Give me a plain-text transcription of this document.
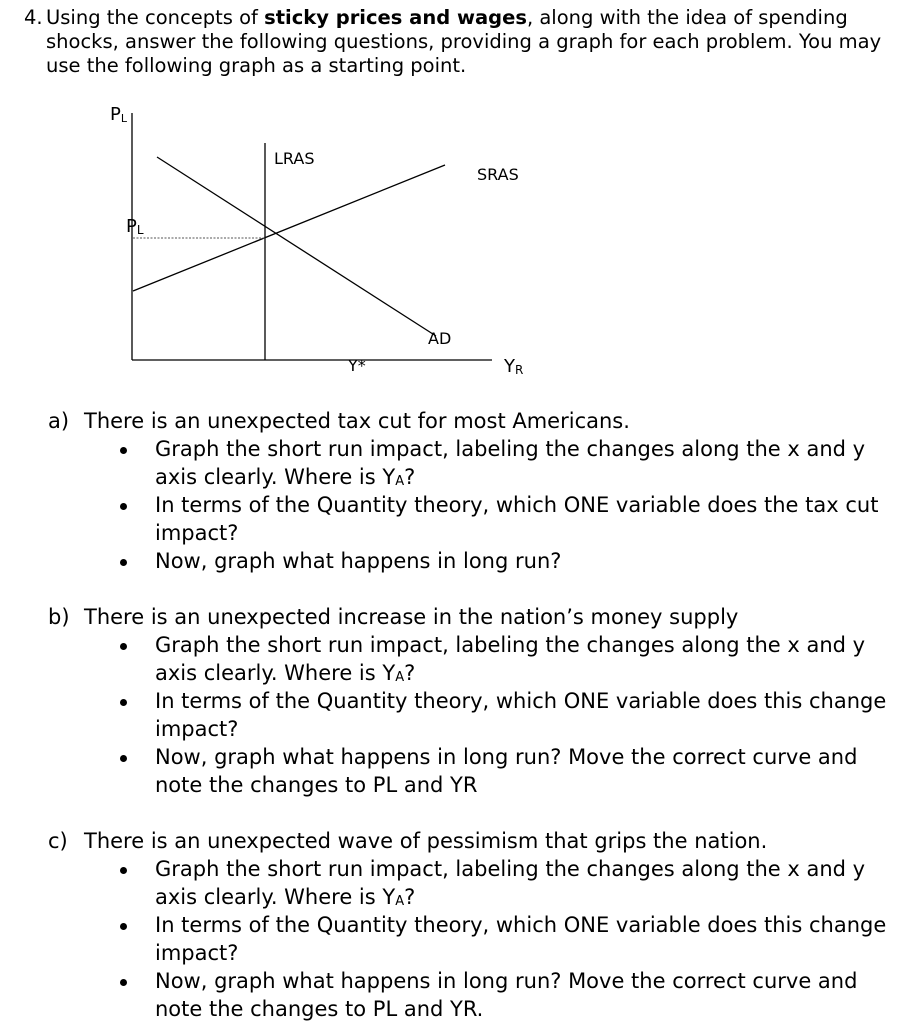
4. Using the concepts of sticky prices and wages, along with the idea of spending shocks, answer the following questions, providing a graph for each problem. You may use the following graph as a starting point.
PL
PL
LRAS
SRAS
AD
Y*	YR
a) There is an unexpected tax cut for most Americans.
Graph the short run impact, labeling the changes along the x and y axis clearly. Where is $Y_A$?
In terms of the Quantity theory, which ONE variable does the tax cut impact?
Now, graph what happens in long run?
b) There is an unexpected increase in the nation’s money supply
Graph the short run impact, labeling the changes along the x and y axis clearly. Where is $Y_A$?
In terms of the Quantity theory, which ONE variable does this change impact?
Now, graph what happens in long run? Move the correct curve and note the changes to PL and YR
c) There is an unexpected wave of pessimism that grips the nation.
Graph the short run impact, labeling the changes along the x and y axis clearly. Where is $Y_A$?
In terms of the Quantity theory, which ONE variable does this change impact?
Now, graph what happens in long run? Move the correct curve and note the changes to PL and YR.
